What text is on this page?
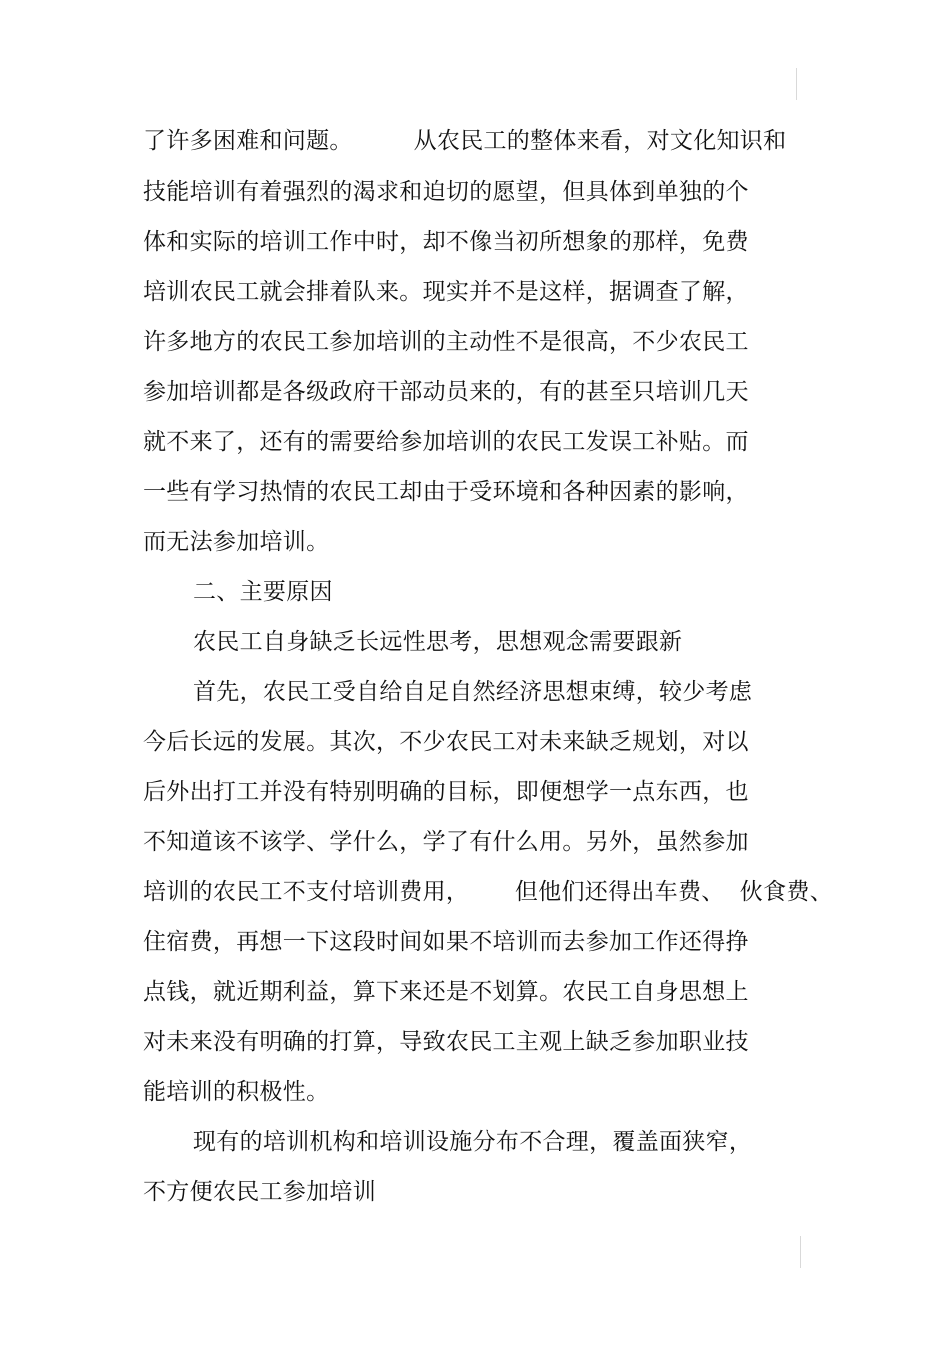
了许多困难和问题。        从农民工的整体来看，对文化知识和
技能培训有着强烈的渴求和迫切的愿望，但具体到单独的个
体和实际的培训工作中时，却不像当初所想象的那样，免费
培训农民工就会排着队来。现实并不是这样，据调查了解，
许多地方的农民工参加培训的主动性不是很高，不少农民工
参加培训都是各级政府干部动员来的，有的甚至只培训几天
就不来了，还有的需要给参加培训的农民工发误工补贴。而
一些有学习热情的农民工却由于受环境和各种因素的影响，
而无法参加培训。
二、主要原因
农民工自身缺乏长远性思考，思想观念需要跟新
首先，农民工受自给自足自然经济思想束缚，较少考虑
今后长远的发展。其次，不少农民工对未来缺乏规划，对以
后外出打工并没有特别明确的目标，即便想学一点东西，也
不知道该不该学、学什么，学了有什么用。另外，虽然参加
培训的农民工不支付培训费用，      但他们还得出车费、  伙食费、
住宿费，再想一下这段时间如果不培训而去参加工作还得挣
点钱，就近期利益，算下来还是不划算。农民工自身思想上
对未来没有明确的打算，导致农民工主观上缺乏参加职业技
能培训的积极性。
现有的培训机构和培训设施分布不合理，覆盖面狭窄，
不方便农民工参加培训
